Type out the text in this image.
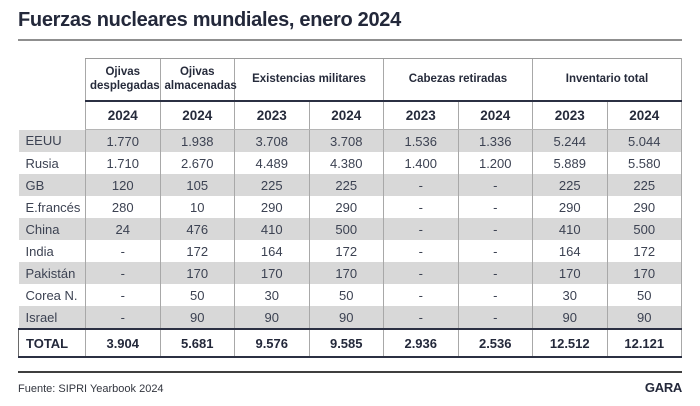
Fuerzas nucleares mundiales, enero 2024
	Ojivas desplegadas	Ojivas almacenadas	Existencias militares		Cabezas retiradas		Inventario total	
	2024	2024	2023	2024	2023	2024	2023	2024
EEUU	1.770	1.938	3.708	3.708	1.536	1.336	5.244	5.044
Rusia	1.710	2.670	4.489	4.380	1.400	1.200	5.889	5.580
GB	120	105	225	225	-	-	225	225
E.francés	280	10	290	290	-	-	290	290
China	24	476	410	500	-	-	410	500
India	-	172	164	172	-	-	164	172
Pakistán	-	170	170	170	-	-	170	170
Corea N.	-	50	30	50	-	-	30	50
Israel	-	90	90	90	-	-	90	90
TOTAL	3.904	5.681	9.576	9.585	2.936	2.536	12.512	12.121
Fuente: SIPRI Yearbook 2024	GARA
